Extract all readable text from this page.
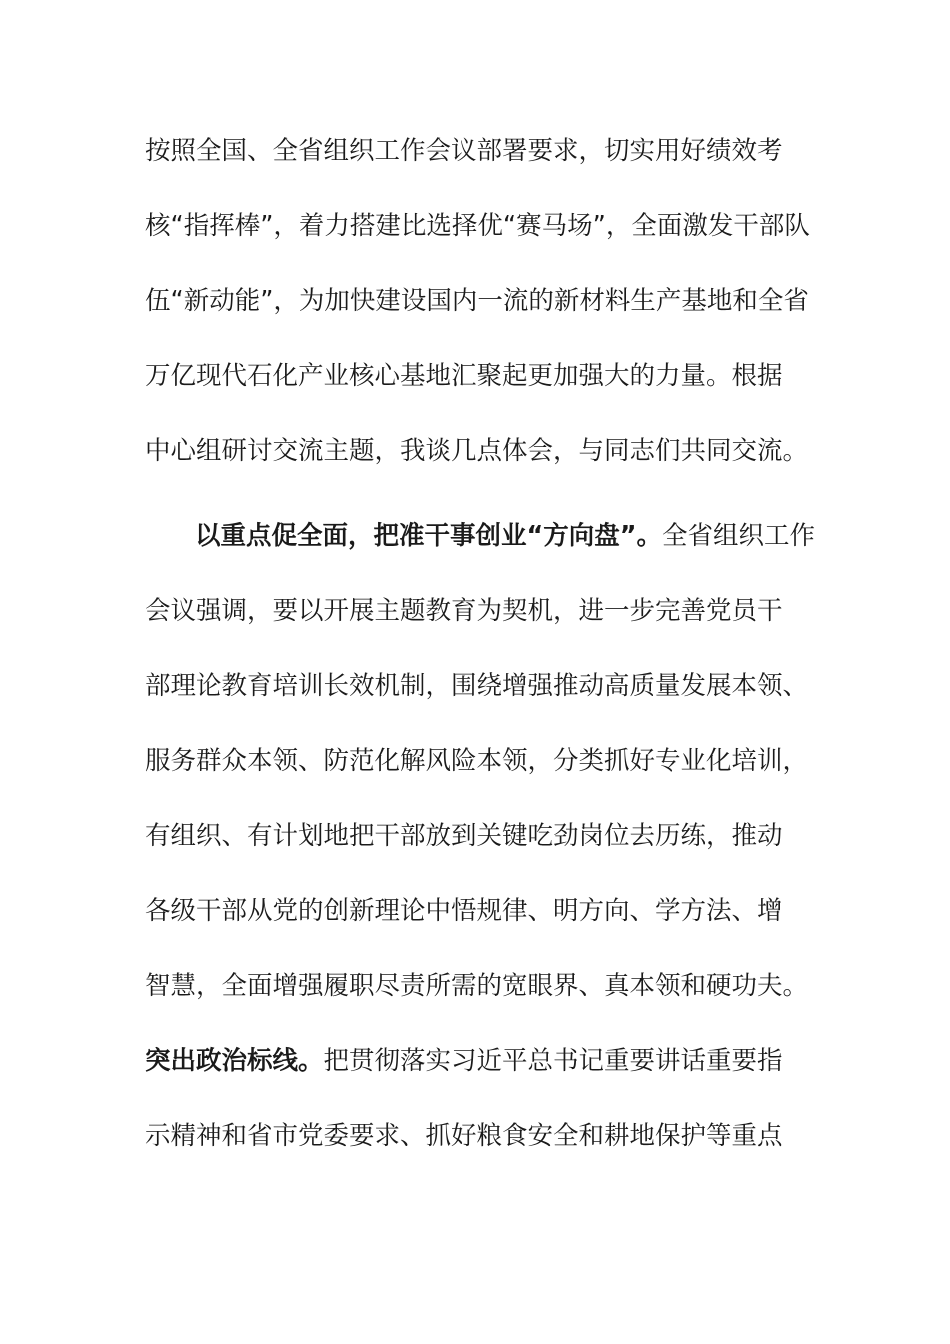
按照全国、全省组织工作会议部署要求，切实用好绩效考
核“指挥棒”，着力搭建比选择优“赛马场”，全面激发干部队
伍“新动能”，为加快建设国内一流的新材料生产基地和全省
万亿现代石化产业核心基地汇聚起更加强大的力量。根据
中心组研讨交流主题，我谈几点体会，与同志们共同交流。
以重点促全面，把准干事创业“方向盘”。全省组织工作
会议强调，要以开展主题教育为契机，进一步完善党员干
部理论教育培训长效机制，围绕增强推动高质量发展本领、
服务群众本领、防范化解风险本领，分类抓好专业化培训，
有组织、有计划地把干部放到关键吃劲岗位去历练，推动
各级干部从党的创新理论中悟规律、明方向、学方法、增
智慧，全面增强履职尽责所需的宽眼界、真本领和硬功夫。
突出政治标线。把贯彻落实习近平总书记重要讲话重要指
示精神和省市党委要求、抓好粮食安全和耕地保护等重点
